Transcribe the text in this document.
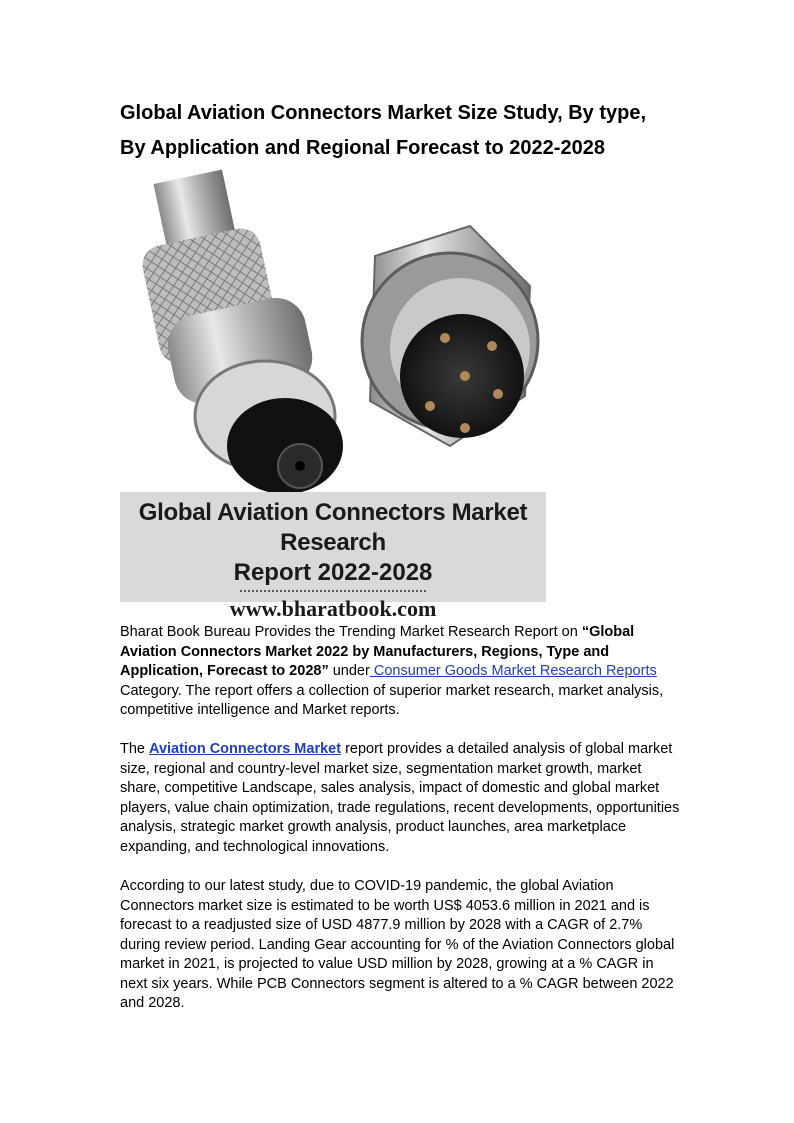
Global Aviation Connectors Market Size Study, By type,
By Application and Regional Forecast to 2022-2028
Global Aviation Connectors Market Research
Report 2022-2028
www.bharatbook.com

Bharat Book Bureau Provides the Trending Market Research Report on “Global Aviation Connectors Market 2022 by Manufacturers, Regions, Type and Application, Forecast to 2028” under Consumer Goods Market Research Reports Category. The report offers a collection of superior market research, market analysis, competitive intelligence and Market reports.

The Aviation Connectors Market report provides a detailed analysis of global market size, regional and country-level market size, segmentation market growth, market share, competitive Landscape, sales analysis, impact of domestic and global market players, value chain optimization, trade regulations, recent developments, opportunities analysis, strategic market growth analysis, product launches, area marketplace expanding, and technological innovations.

According to our latest study, due to COVID-19 pandemic, the global Aviation Connectors market size is estimated to be worth US$ 4053.6 million in 2021 and is forecast to a readjusted size of USD 4877.9 million by 2028 with a CAGR of 2.7% during review period. Landing Gear accounting for % of the Aviation Connectors global market in 2021, is projected to value USD million by 2028, growing at a % CAGR in next six years. While PCB Connectors segment is altered to a % CAGR between 2022 and 2028.
